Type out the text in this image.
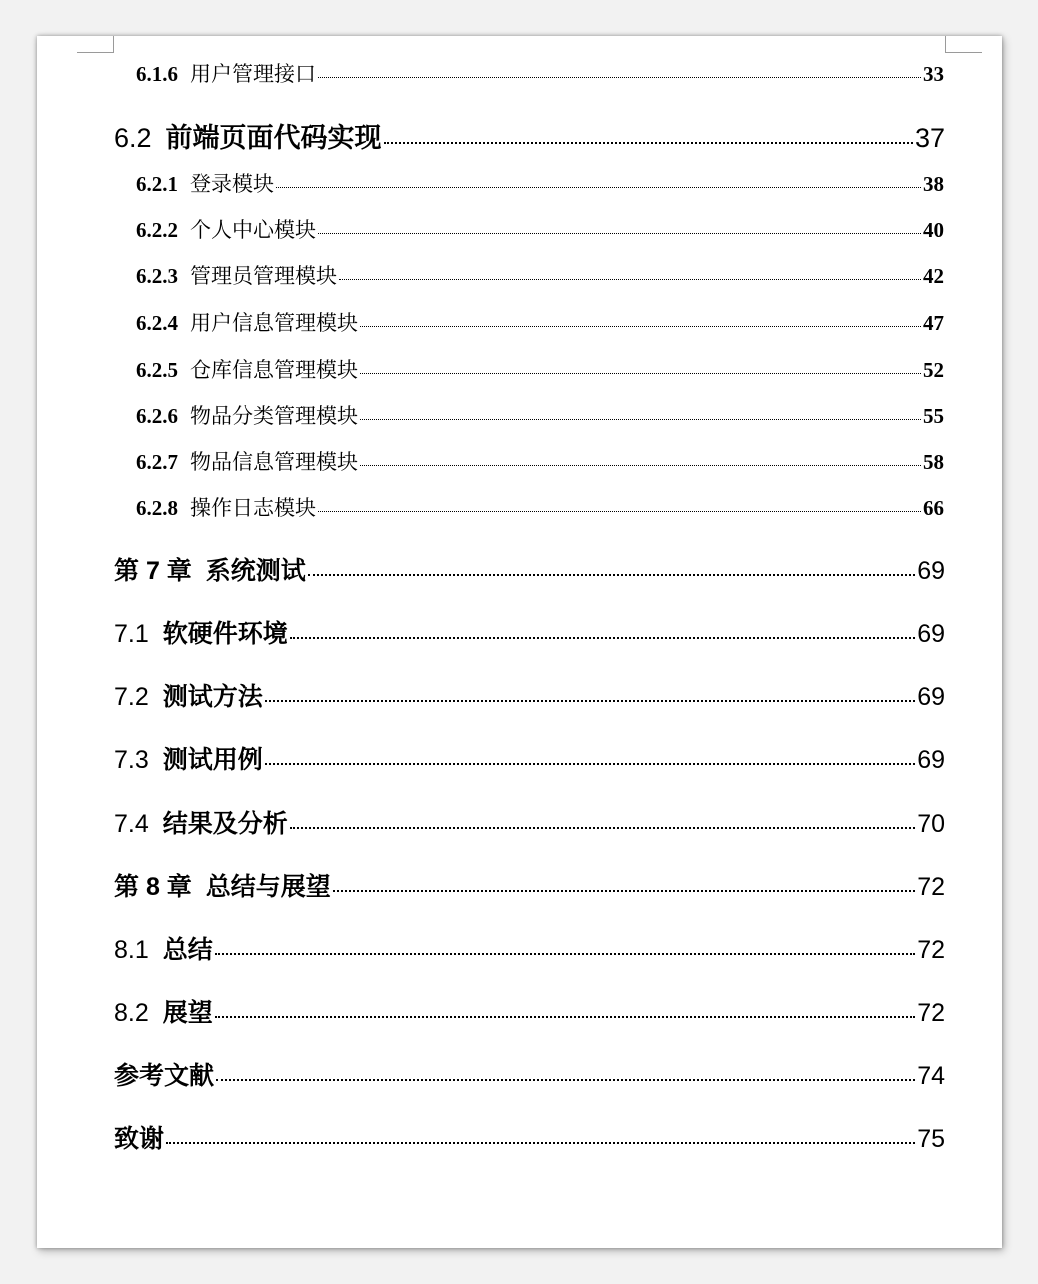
6.1.6 用户管理接口	33
6.2 前端页面代码实现	37
6.2.1 登录模块	38
6.2.2 个人中心模块	40
6.2.3 管理员管理模块	42
6.2.4 用户信息管理模块	47
6.2.5 仓库信息管理模块	52
6.2.6 物品分类管理模块	55
6.2.7 物品信息管理模块	58
6.2.8 操作日志模块	66
第 7 章 系统测试	69
7.1 软硬件环境	69
7.2 测试方法	69
7.3 测试用例	69
7.4 结果及分析	70
第 8 章 总结与展望	72
8.1 总结	72
8.2 展望	72
参考文献	74
致谢	75
